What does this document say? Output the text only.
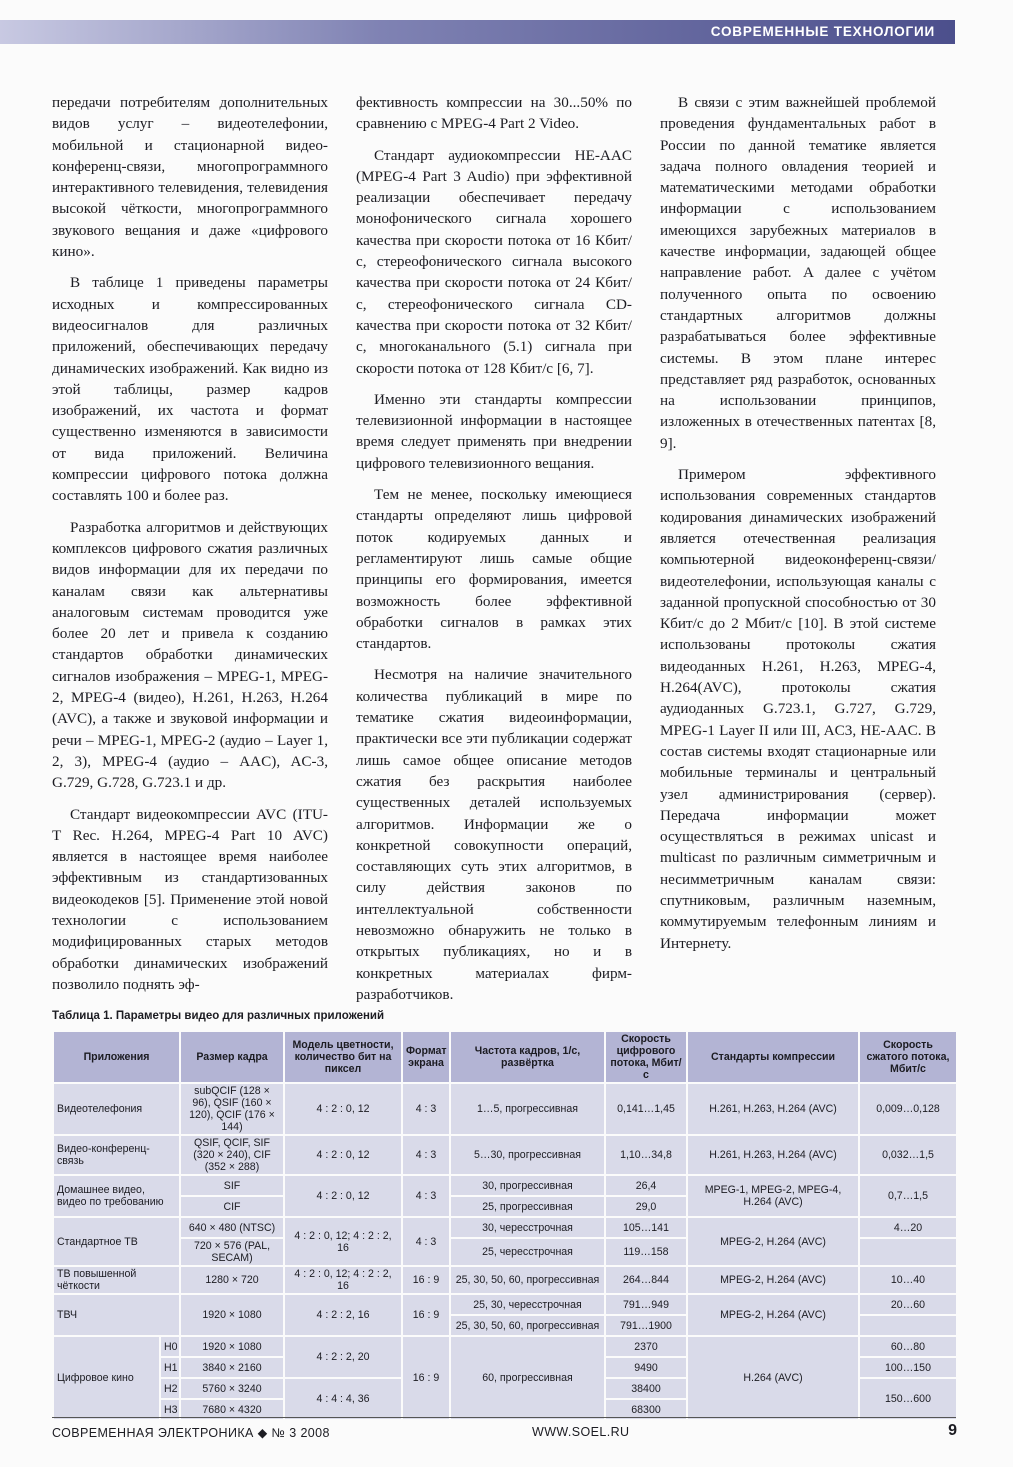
СОВРЕМЕННЫЕ ТЕХНОЛОГИИ

передачи потребителям дополнительных видов услуг – видеотелефонии, мобильной и стационарной видео-конференц-связи, многопрограммного интерактивного телевидения, телевидения высокой чёткости, многопрограммного звукового вещания и даже «цифрового кино».

В таблице 1 приведены параметры исходных и компрессированных видеосигналов для различных приложений, обеспечивающих передачу динамических изображений. Как видно из этой таблицы, размер кадров изображений, их частота и формат существенно изменяются в зависимости от вида приложений. Величина компрессии цифрового потока должна составлять 100 и более раз.

Разработка алгоритмов и действующих комплексов цифрового сжатия различных видов информации для их передачи по каналам связи как альтернативы аналоговым системам проводится уже более 20 лет и привела к созданию стандартов обработки динамических сигналов изображения – MPEG-1, MPEG-2, MPEG-4 (видео), H.261, H.263, H.264 (AVC), а также и звуковой информации и речи – MPEG-1, MPEG-2 (аудио – Layer 1, 2, 3), MPEG-4 (аудио – AAC), AC-3, G.729, G.728, G.723.1 и др.

Стандарт видеокомпрессии AVC (ITU-T Rec. H.264, MPEG-4 Part 10 AVC) является в настоящее время наиболее эффективным из стандартизованных видеокодеков [5]. Применение этой новой технологии с использованием модифицированных старых методов обработки динамических изображений позволило поднять эф-

фективность компрессии на 30...50% по сравнению с MPEG-4 Part 2 Video.

Стандарт аудиокомпрессии HE-AAC (MPEG-4 Part 3 Audio) при эффективной реализации обеспечивает передачу монофонического сигнала хорошего качества при скорости потока от 16 Кбит/с, стереофонического сигнала высокого качества при скорости потока от 24 Кбит/с, стереофонического сигнала CD-качества при скорости потока от 32 Кбит/с, многоканального (5.1) сигнала при скорости потока от 128 Кбит/с [6, 7].

Именно эти стандарты компрессии телевизионной информации в настоящее время следует применять при внедрении цифрового телевизионного вещания.

Тем не менее, поскольку имеющиеся стандарты определяют лишь цифровой поток кодируемых данных и регламентируют лишь самые общие принципы его формирования, имеется возможность более эффективной обработки сигналов в рамках этих стандартов.

Несмотря на наличие значительного количества публикаций в мире по тематике сжатия видеоинформации, практически все эти публикации содержат лишь самое общее описание методов сжатия без раскрытия наиболее существенных деталей используемых алгоритмов. Информации же о конкретной совокупности операций, составляющих суть этих алгоритмов, в силу действия законов по интеллектуальной собственности невозможно обнаружить не только в открытых публикациях, но и в конкретных материалах фирм-разработчиков.

В связи с этим важнейшей проблемой проведения фундаментальных работ в России по данной тематике является задача полного овладения теорией и математическими методами обработки информации с использованием имеющихся зарубежных материалов в качестве информации, задающей общее направление работ. А далее с учётом полученного опыта по освоению стандартных алгоритмов должны разрабатываться более эффективные системы. В этом плане интерес представляет ряд разработок, основанных на использовании принципов, изложенных в отечественных патентах [8, 9].

Примером эффективного использования современных стандартов кодирования динамических изображений является отечественная реализация компьютерной видеоконференц-связи/видеотелефонии, использующая каналы с заданной пропускной способностью от 30 Кбит/с до 2 Мбит/с [10]. В этой системе использованы протоколы сжатия видеоданных H.261, H.263, MPEG-4, H.264(AVC), протоколы сжатия аудиоданных G.723.1, G.727, G.729, MPEG-1 Layer II или III, AC3, HE-AAC. В состав системы входят стационарные или мобильные терминалы и центральный узел администрирования (сервер). Передача информации может осуществляться в режимах unicast и multicast по различным симметричным и несимметричным каналам связи: спутниковым, различным наземным, коммутируемым телефонным линиям и Интернету.

Таблица 1. Параметры видео для различных приложений
Приложения		Размер кадра	Модель цветности, количество бит на пиксел	Формат экрана	Частота кадров, 1/с, развёртка	Скорость цифрового потока, Мбит/с	Стандарты компрессии	Скорость сжатого потока, Мбит/с
Видеотелефония		subQCIF (128 × 96), QSIF (160 × 120), QCIF (176 × 144)	4 : 2 : 0, 12	4 : 3	1…5, прогрессивная	0,141…1,45	H.261, H.263, H.264 (AVC)	0,009…0,128
Видео-конференц-связь		QSIF, QCIF, SIF (320 × 240), CIF (352 × 288)	4 : 2 : 0, 12	4 : 3	5…30, прогрессивная	1,10…34,8	H.261, H.263, H.264 (AVC)	0,032…1,5
Домашнее видео, видео по требованию		SIF	4 : 2 : 0, 12	4 : 3	30, прогрессивная	26,4	MPEG-1, MPEG-2, MPEG-4, H.264 (AVC)	0,7…1,5
		CIF			25, прогрессивная	29,0		
Стандартное ТВ		640 × 480 (NTSC)	4 : 2 : 0, 12; 4 : 2 : 2, 16	4 : 3	30, чересстрочная	105…141	MPEG-2, H.264 (AVC)	4…20
		720 × 576 (PAL, SECAM)			25, чересстрочная	119…158		
ТВ повышенной чёткости		1280 × 720	4 : 2 : 0, 12; 4 : 2 : 2, 16	16 : 9	25, 30, 50, 60, прогрессивная	264…844	MPEG-2, H.264 (AVC)	10…40
ТВЧ		1920 × 1080	4 : 2 : 2, 16	16 : 9	25, 30, чересстрочная	791…949	MPEG-2, H.264 (AVC)	20…60
					25, 30, 50, 60, прогрессивная	791…1900		
Цифровое кино	H0	1920 × 1080	4 : 2 : 2, 20	16 : 9	60, прогрессивная	2370	H.264 (AVC)	60…80
	H1	3840 × 2160				9490		100…150
	H2	5760 × 3240	4 : 4 : 4, 36			38400		150…600
	H3	7680 × 4320				68300		
СОВРЕМЕННАЯ ЭЛЕКТРОНИКА ◆ № 3 2008	WWW.SOEL.RU	9
